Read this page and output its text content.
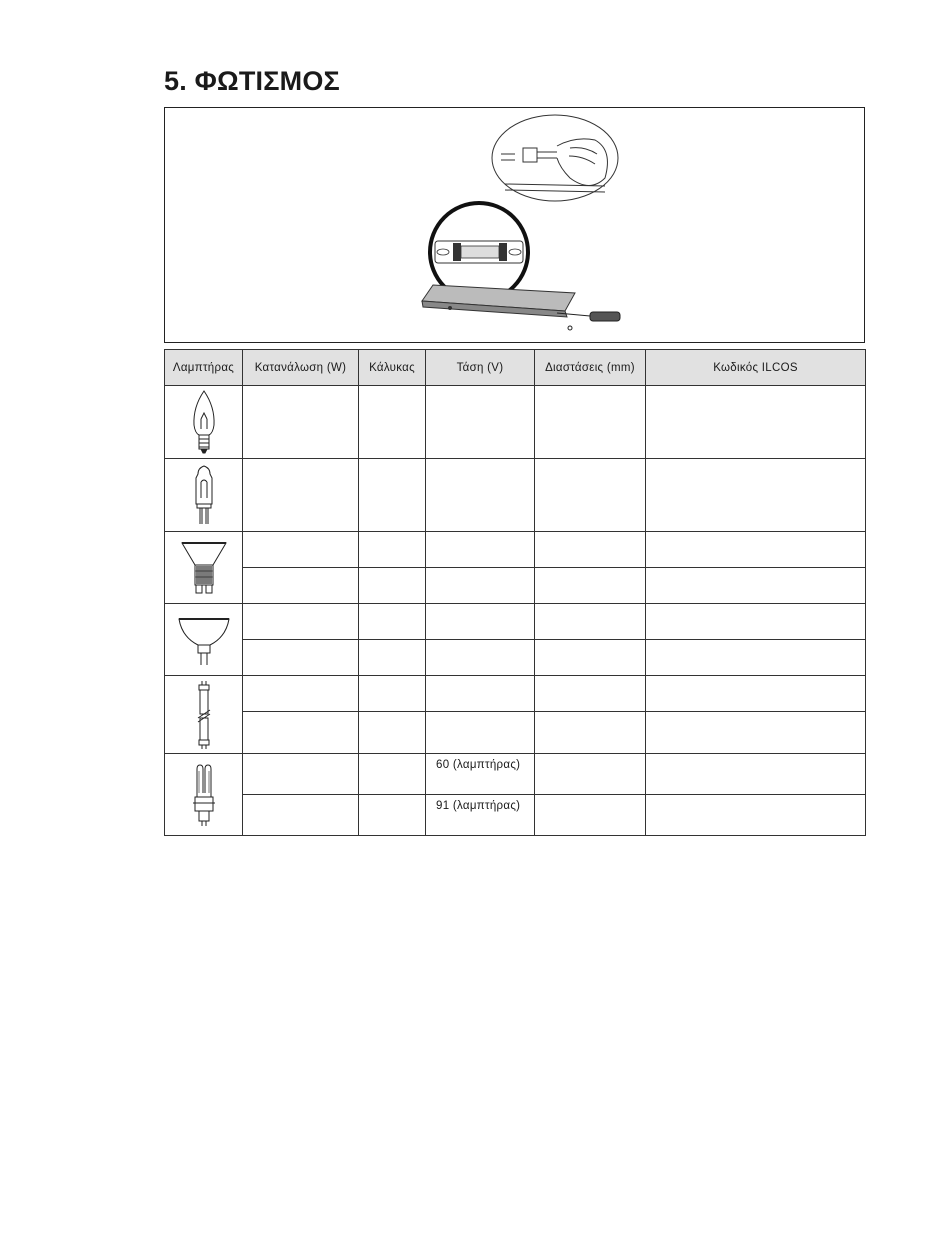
5. ΦΩΤΙΣΜΟΣ
Λαμπτήρας	Κατανάλωση (W)	Κάλυκας	Τάση (V)	Διαστάσεις (mm)	Κωδικός ILCOS

			60 (λαμπτήρας)		
			91 (λαμπτήρας)		
